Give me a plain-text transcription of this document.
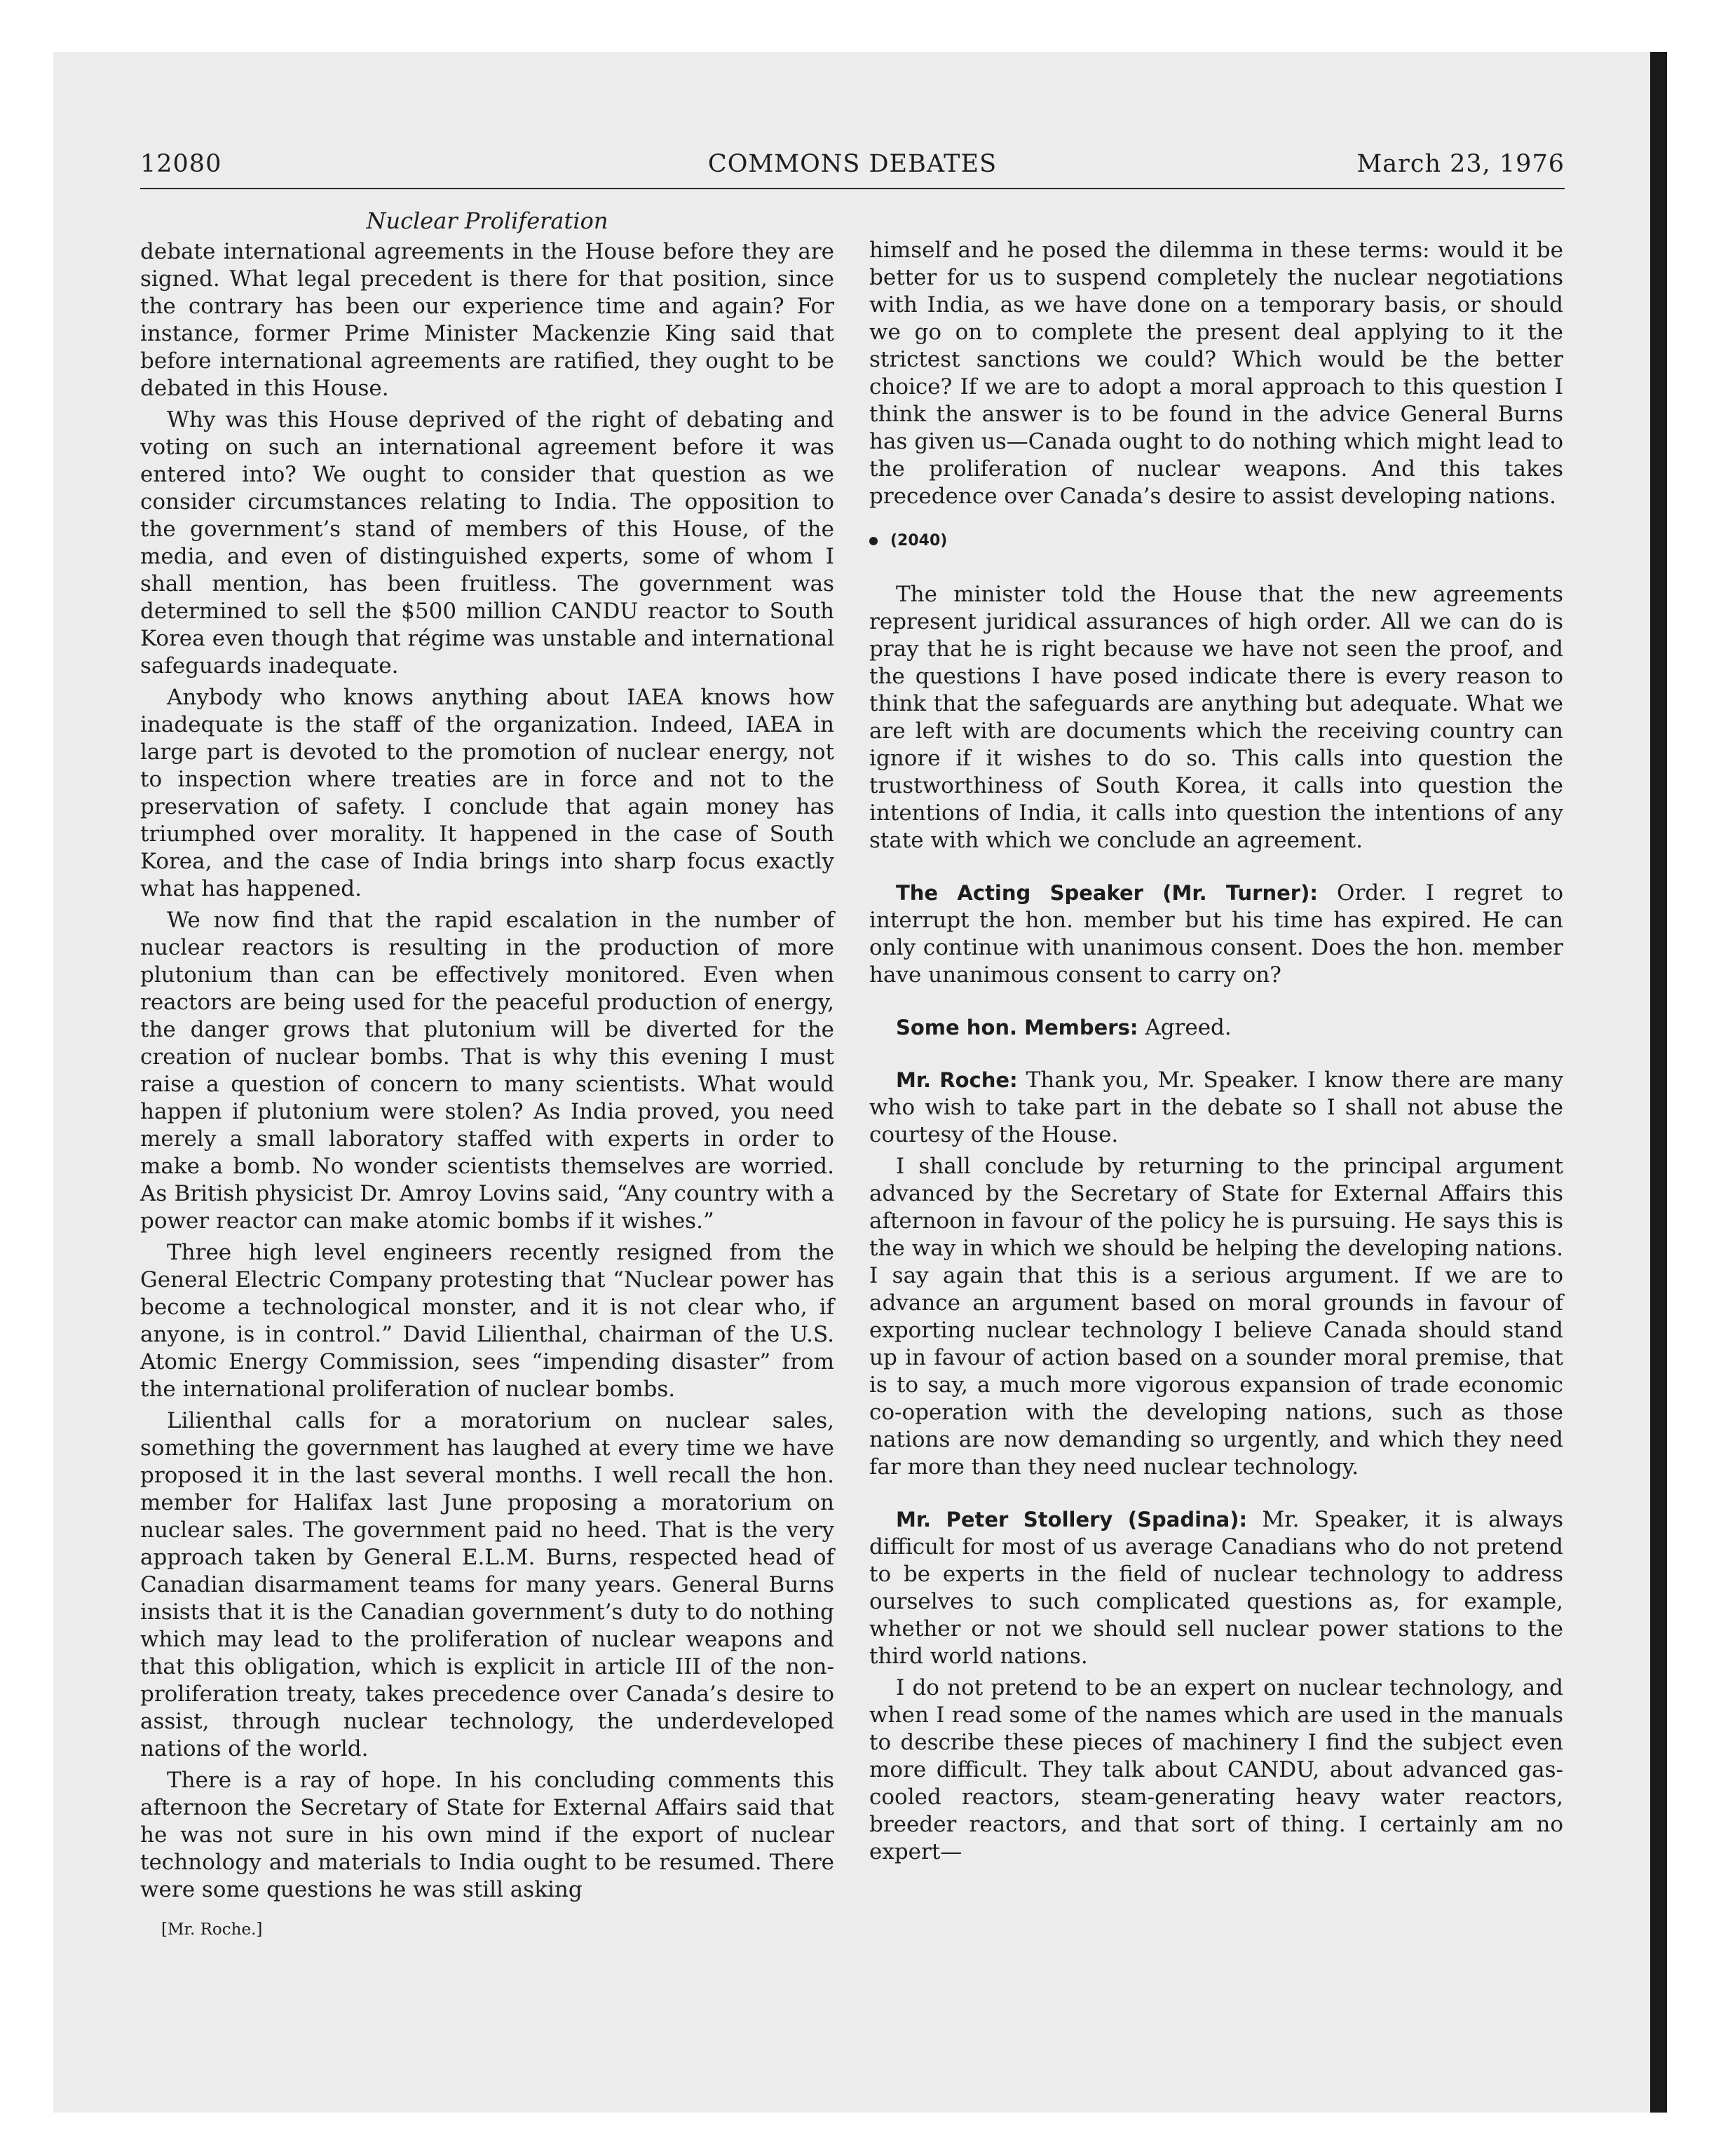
12080	COMMONS DEBATES	March 23, 1976
Nuclear Proliferation

debate international agreements in the House before they are signed. What legal precedent is there for that position, since the contrary has been our experience time and again? For instance, former Prime Minister Mackenzie King said that before international agreements are ratified, they ought to be debated in this House.

Why was this House deprived of the right of debating and voting on such an international agreement before it was entered into? We ought to consider that question as we consider circumstances relating to India. The opposition to the government’s stand of members of this House, of the media, and even of distinguished experts, some of whom I shall mention, has been fruitless. The government was determined to sell the $500 million CANDU reactor to South Korea even though that régime was unstable and international safeguards inadequate.

Anybody who knows anything about IAEA knows how inadequate is the staff of the organization. Indeed, IAEA in large part is devoted to the promotion of nuclear energy, not to inspection where treaties are in force and not to the preservation of safety. I conclude that again money has triumphed over morality. It happened in the case of South Korea, and the case of India brings into sharp focus exactly what has happened.

We now find that the rapid escalation in the number of nuclear reactors is resulting in the production of more plutonium than can be effectively monitored. Even when reactors are being used for the peaceful production of energy, the danger grows that plutonium will be diverted for the creation of nuclear bombs. That is why this evening I must raise a question of concern to many scientists. What would happen if plutonium were stolen? As India proved, you need merely a small laboratory staffed with experts in order to make a bomb. No wonder scientists themselves are worried. As British physicist Dr. Amroy Lovins said, “Any country with a power reactor can make atomic bombs if it wishes.”

Three high level engineers recently resigned from the General Electric Company protesting that “Nuclear power has become a technological monster, and it is not clear who, if anyone, is in control.” David Lilienthal, chairman of the U.S. Atomic Energy Commission, sees “impending disaster” from the international proliferation of nuclear bombs.

Lilienthal calls for a moratorium on nuclear sales, something the government has laughed at every time we have proposed it in the last several months. I well recall the hon. member for Halifax last June proposing a moratorium on nuclear sales. The government paid no heed. That is the very approach taken by General E.L.M. Burns, respected head of Canadian disarmament teams for many years. General Burns insists that it is the Canadian government’s duty to do nothing which may lead to the proliferation of nuclear weapons and that this obligation, which is explicit in article III of the non-proliferation treaty, takes precedence over Canada’s desire to assist, through nuclear technology, the underdeveloped nations of the world.

There is a ray of hope. In his concluding comments this afternoon the Secretary of State for External Affairs said that he was not sure in his own mind if the export of nuclear technology and materials to India ought to be resumed. There were some questions he was still asking

[Mr. Roche.]

himself and he posed the dilemma in these terms: would it be better for us to suspend completely the nuclear negotiations with India, as we have done on a temporary basis, or should we go on to complete the present deal applying to it the strictest sanctions we could? Which would be the better choice? If we are to adopt a moral approach to this question I think the answer is to be found in the advice General Burns has given us—Canada ought to do nothing which might lead to the proliferation of nuclear weapons. And this takes precedence over Canada’s desire to assist developing nations.

(2040)

The minister told the House that the new agreements represent juridical assurances of high order. All we can do is pray that he is right because we have not seen the proof, and the questions I have posed indicate there is every reason to think that the safeguards are anything but adequate. What we are left with are documents which the receiving country can ignore if it wishes to do so. This calls into question the trustworthiness of South Korea, it calls into question the intentions of India, it calls into question the intentions of any state with which we conclude an agreement.

The Acting Speaker (Mr. Turner): Order. I regret to interrupt the hon. member but his time has expired. He can only continue with unanimous consent. Does the hon. member have unanimous consent to carry on?

Some hon. Members: Agreed.

Mr. Roche: Thank you, Mr. Speaker. I know there are many who wish to take part in the debate so I shall not abuse the courtesy of the House.

I shall conclude by returning to the principal argument advanced by the Secretary of State for External Affairs this afternoon in favour of the policy he is pursuing. He says this is the way in which we should be helping the developing nations. I say again that this is a serious argument. If we are to advance an argument based on moral grounds in favour of exporting nuclear technology I believe Canada should stand up in favour of action based on a sounder moral premise, that is to say, a much more vigorous expansion of trade economic co-operation with the developing nations, such as those nations are now demanding so urgently, and which they need far more than they need nuclear technology.

Mr. Peter Stollery (Spadina): Mr. Speaker, it is always difficult for most of us average Canadians who do not pretend to be experts in the field of nuclear technology to address ourselves to such complicated questions as, for example, whether or not we should sell nuclear power stations to the third world nations.

I do not pretend to be an expert on nuclear technology, and when I read some of the names which are used in the manuals to describe these pieces of machinery I find the subject even more difficult. They talk about CANDU, about advanced gas-cooled reactors, steam-generating heavy water reactors, breeder reactors, and that sort of thing. I certainly am no expert—
